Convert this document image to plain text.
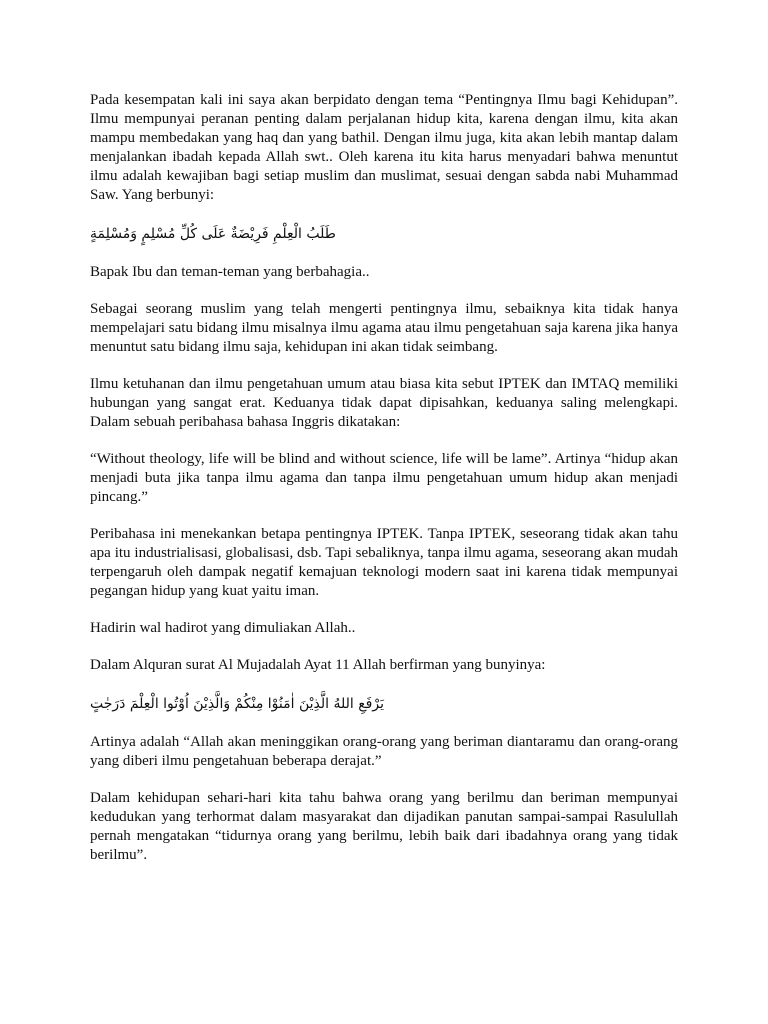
Pada kesempatan kali ini saya akan berpidato dengan tema “Pentingnya Ilmu bagi Kehidupan”. Ilmu mempunyai peranan penting dalam perjalanan hidup kita, karena dengan ilmu, kita akan mampu membedakan yang haq dan yang bathil. Dengan ilmu juga, kita akan lebih mantap dalam menjalankan ibadah kepada Allah swt.. Oleh karena itu kita harus menyadari bahwa menuntut ilmu adalah kewajiban bagi setiap muslim dan muslimat, sesuai dengan sabda nabi Muhammad Saw. Yang berbunyi:

طَلَبُ الْعِلْمِ فَرِيْضَةٌ عَلَى كُلِّ مُسْلِمٍ وَمُسْلِمَةٍ

Bapak Ibu dan teman-teman yang berbahagia..

Sebagai seorang muslim yang telah mengerti pentingnya ilmu, sebaiknya kita tidak hanya mempelajari satu bidang ilmu misalnya ilmu agama atau ilmu pengetahuan saja karena jika hanya menuntut satu bidang ilmu saja, kehidupan ini akan tidak seimbang.

Ilmu ketuhanan dan ilmu pengetahuan umum atau biasa kita sebut IPTEK dan IMTAQ memiliki hubungan yang sangat erat. Keduanya tidak dapat dipisahkan, keduanya saling melengkapi. Dalam sebuah peribahasa bahasa Inggris dikatakan:

“Without theology, life will be blind and without science, life will be lame”. Artinya “hidup akan menjadi buta jika tanpa ilmu agama dan tanpa ilmu pengetahuan umum hidup akan menjadi pincang.”

Peribahasa ini menekankan betapa pentingnya IPTEK. Tanpa IPTEK, seseorang tidak akan tahu apa itu industrialisasi, globalisasi, dsb. Tapi sebaliknya, tanpa ilmu agama, seseorang akan mudah terpengaruh oleh dampak negatif kemajuan teknologi modern saat ini karena tidak mempunyai pegangan hidup yang kuat yaitu iman.

Hadirin wal hadirot yang dimuliakan Allah..

Dalam Alquran surat Al Mujadalah Ayat 11 Allah berfirman yang bunyinya:

يَرْفَعِ اللهُ الَّذِيْنَ اٰمَنُوْا مِنْكُمْ وَالَّذِيْنَ اُوْتُوا الْعِلْمَ دَرَجٰتٍ

Artinya adalah “Allah akan meninggikan orang-orang yang beriman diantaramu dan orang-orang yang diberi ilmu pengetahuan beberapa derajat.”

Dalam kehidupan sehari-hari kita tahu bahwa orang yang berilmu dan beriman mempunyai kedudukan yang terhormat dalam masyarakat dan dijadikan panutan sampai-sampai Rasulullah pernah mengatakan “tidurnya orang yang berilmu, lebih baik dari ibadahnya orang yang tidak berilmu”.
